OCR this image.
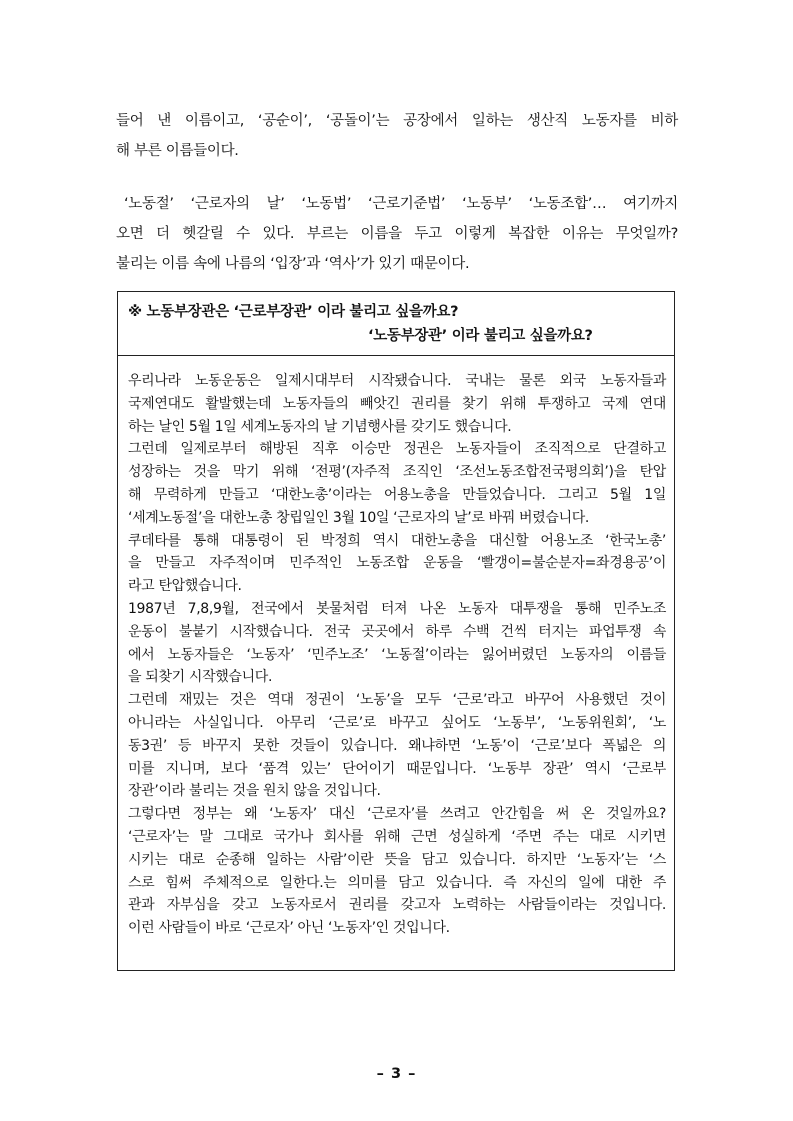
들어 낸 이름이고, ‘공순이’, ‘공돌이’는 공장에서 일하는 생산직 노동자를 비하
해 부른 이름들이다.
‘노동절’ ‘근로자의 날’ ‘노동법’ ‘근로기준법’ ‘노동부’ ‘노동조합’… 여기까지
오면 더 헷갈릴 수 있다. 부르는 이름을 두고 이렇게 복잡한 이유는 무엇일까?
불리는 이름 속에 나름의 ‘입장’과 ‘역사’가 있기 때문이다.
※ 노동부장관은 ‘근로부장관’ 이라 불리고 싶을까요?
‘노동부장관’ 이라 불리고 싶을까요?
우리나라 노동운동은 일제시대부터 시작됐습니다. 국내는 물론 외국 노동자들과
국제연대도 활발했는데 노동자들의 빼앗긴 권리를 찾기 위해 투쟁하고 국제 연대
하는 날인 5월 1일 세계노동자의 날 기념행사를 갖기도 했습니다.
그런데 일제로부터 해방된 직후 이승만 정권은 노동자들이 조직적으로 단결하고
성장하는 것을 막기 위해 ‘전평’(자주적 조직인 ‘조선노동조합전국평의회’)을 탄압
해 무력하게 만들고 ‘대한노총’이라는 어용노총을 만들었습니다. 그리고 5월 1일
‘세계노동절’을 대한노총 창립일인 3월 10일 ‘근로자의 날’로 바꿔 버렸습니다.
쿠데타를 통해 대통령이 된 박정희 역시 대한노총을 대신할 어용노조 ‘한국노총’
을 만들고 자주적이며 민주적인 노동조합 운동을 ‘빨갱이=불순분자=좌경용공’이
라고 탄압했습니다.
1987년 7,8,9월, 전국에서 봇물처럼 터져 나온 노동자 대투쟁을 통해 민주노조
운동이 불붙기 시작했습니다. 전국 곳곳에서 하루 수백 건씩 터지는 파업투쟁 속
에서 노동자들은 ‘노동자’ ‘민주노조’ ‘노동절’이라는 잃어버렸던 노동자의 이름들
을 되찾기 시작했습니다.
그런데 재밌는 것은 역대 정권이 ‘노동’을 모두 ‘근로’라고 바꾸어 사용했던 것이
아니라는 사실입니다. 아무리 ‘근로’로 바꾸고 싶어도 ‘노동부’, ‘노동위원회’, ‘노
동3권’ 등 바꾸지 못한 것들이 있습니다. 왜냐하면 ‘노동’이 ‘근로’보다 폭넓은 의
미를 지니며, 보다 ‘품격 있는’ 단어이기 때문입니다. ‘노동부 장관’ 역시 ‘근로부
장관’이라 불리는 것을 원치 않을 것입니다.
그렇다면 정부는 왜 ‘노동자’ 대신 ‘근로자’를 쓰려고 안간힘을 써 온 것일까요?
‘근로자’는 말 그대로 국가나 회사를 위해 근면 성실하게 ‘주면 주는 대로 시키면
시키는 대로 순종해 일하는 사람’이란 뜻을 담고 있습니다. 하지만 ‘노동자’는 ‘스
스로 힘써 주체적으로 일한다.는 의미를 담고 있습니다. 즉 자신의 일에 대한 주
관과 자부심을 갖고 노동자로서 권리를 갖고자 노력하는 사람들이라는 것입니다.
이런 사람들이 바로 ‘근로자’ 아닌 ‘노동자’인 것입니다.
– 3 –
